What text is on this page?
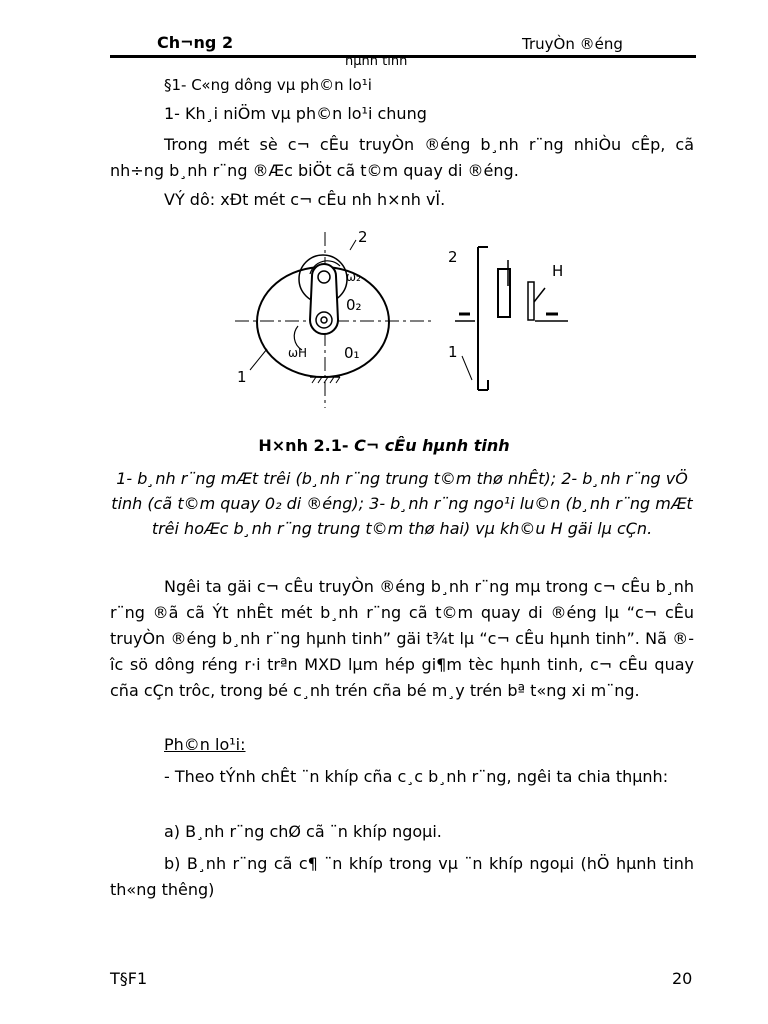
Ch¬ng 2	TruyÒn ®éng
hµnh tinh
§1- C«ng dông vµ ph©n lo¹i
1- Kh¸i niÖm vµ ph©n lo¹i chung
Trong mét sè c¬ cÊu truyÒn ®éng b¸nh r¨ng nhiÒu cÊp, cã nh÷ng b¸nh r¨ng ®Æc biÖt cã t©m quay di ®éng.
VÝ dô: xÐt mét c¬ cÊu nh h×nh vÏ.
2
ω₂
0₂
ωH 0₁
1
2
H
1
H×nh 2.1- C¬ cÊu hµnh tinh
1- b¸nh r¨ng mÆt trêi (b¸nh r¨ng trung t©m thø nhÊt); 2- b¸nh r¨ng vÖ tinh (cã t©m quay 0₂ di ®éng); 3- b¸nh r¨ng ngo¹i lu©n (b¸nh r¨ng mÆt trêi hoÆc b¸nh r¨ng trung t©m thø hai) vµ kh©u H gäi lµ cÇn.
Ngêi ta gäi c¬ cÊu truyÒn ®éng b¸nh r¨ng mµ trong c¬ cÊu b¸nh r¨ng ®ã cã Ýt nhÊt mét b¸nh r¨ng cã t©m quay di ®éng lµ “c¬ cÊu truyÒn ®éng b¸nh r¨ng hµnh tinh” gäi t¾t lµ “c¬ cÊu hµnh tinh”. Nã ®îc sö dông réng r·i trªn MXD lµm hép gi¶m tèc hµnh tinh, c¬ cÊu quay cña cÇn trôc, trong bé c¸nh trén cña bé m¸y trén bª t«ng xi m¨ng.
Ph©n lo¹i:
- Theo tÝnh chÊt ¨n khíp cña c¸c b¸nh r¨ng, ngêi ta chia thµnh:
a) B¸nh r¨ng chØ cã ¨n khíp ngoµi.
b) B¸nh r¨ng cã c¶ ¨n khíp trong vµ ¨n khíp ngoµi (hÖ hµnh tinh th«ng thêng)
T§F1	20
